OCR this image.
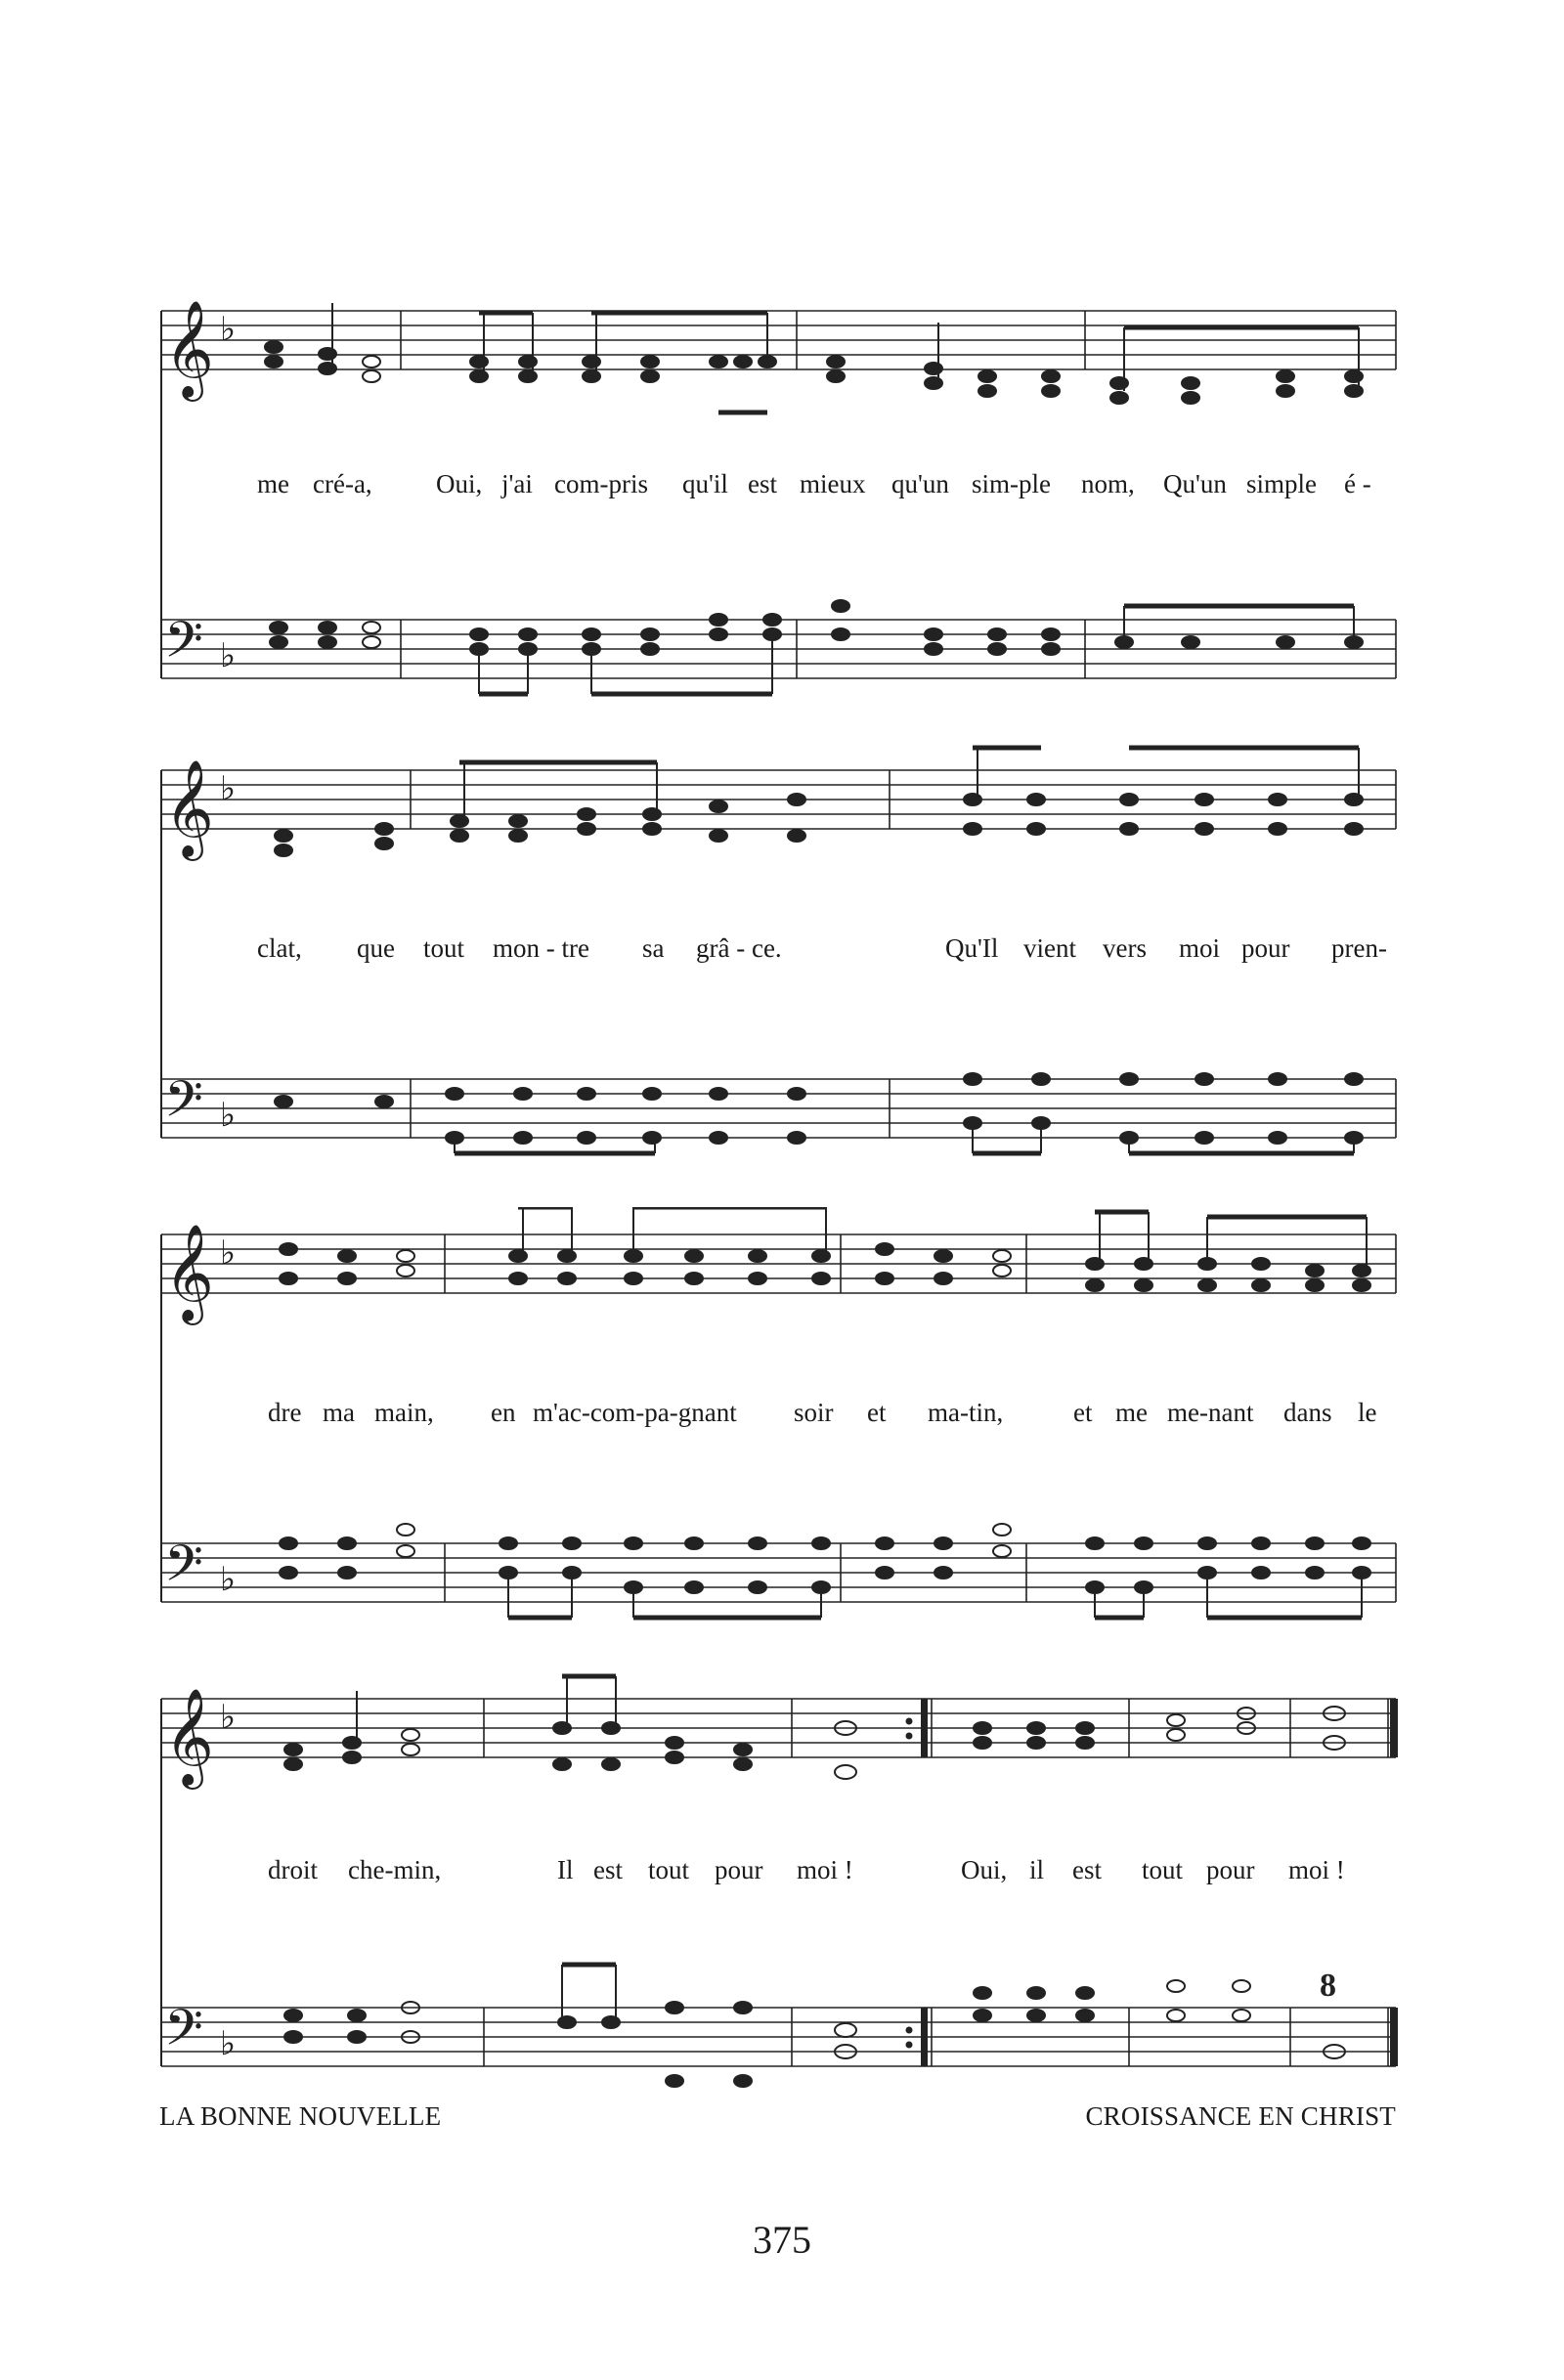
𝄞
𝄢
♭
♭
me cré-a, Oui, j'ai com-pris qu'il est mieux qu'un sim-ple nom, Qu'un simple é -
𝄞
𝄢
♭
♭
clat, que tout mon - tre sa grâ - ce.	Qu'Il vient vers moi pour pren-
𝄞
𝄢
♭
♭
dre ma main, en m'ac-com-pa-gnant soir et ma-tin,	et me me-nant dans le
𝄞
𝄢
♭
♭
8
droit che-min,	Il est tout pour moi !	Oui, il est tout pour moi !
LA BONNE NOUVELLE	CROISSANCE EN CHRIST
375
